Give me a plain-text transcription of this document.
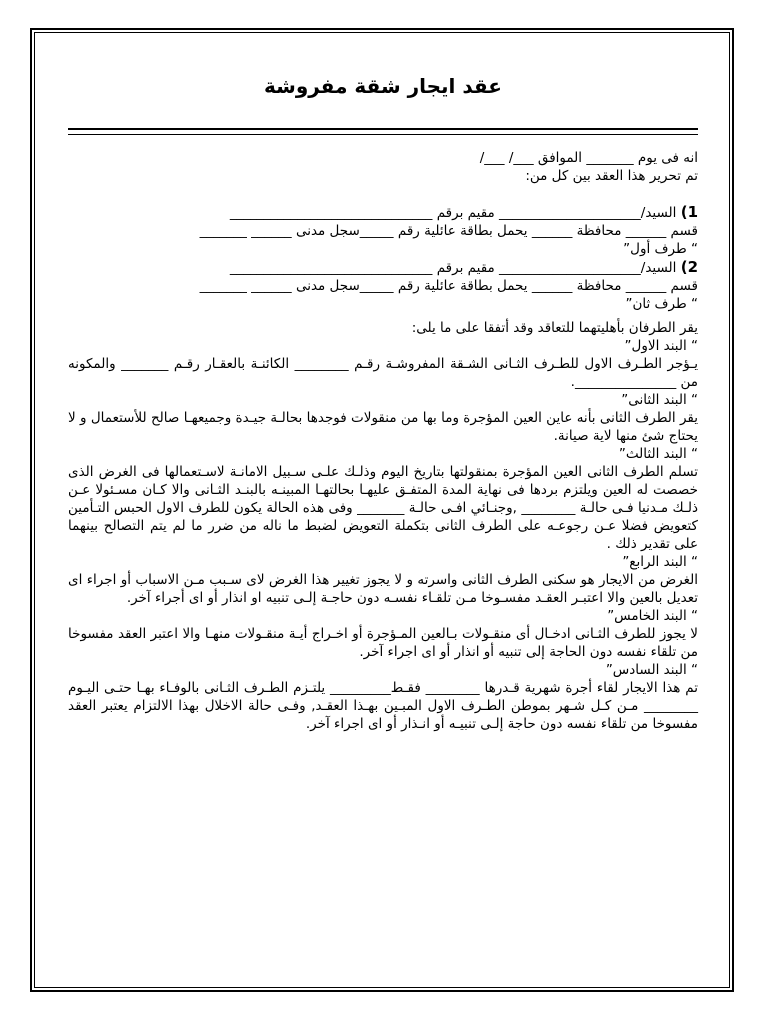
عقد ايجار شقة مفروشة
انه فى يوم _______ الموافق ___/ ___/
تم تحرير هذا العقد بين كل من:
1) السيد/_____________________ مقيم برقم ______________________________
قسم ______ محافظة ______ يحمل بطاقة عائلية رقم _____سجل مدنى ______ _______
“ طرف أول”
2) السيد/_____________________ مقيم برقم ______________________________
قسم ______ محافظة ______ يحمل بطاقة عائلية رقم _____سجل مدنى ______ _______
“ طرف ثان”
يقر الطرفان بأهليتهما للتعاقد وقد أتفقا على ما يلى:
“ البند الاول”
يـؤجر الطـرف الاول للطـرف الثـانى الشـقة المفروشـة رقـم ________ الكائنـة بالعقـار رقـم _______ والمكونه من _______________.
“ البند الثانى”
يقر الطرف الثانى بأنه عاين العين المؤجرة وما بها من منقولات فوجدها بحالـة جيـدة وجميعهـا صالح للأستعمال و لا يحتاج شئ منها لاية صيانة.
“ البند الثالث”
تسلم الطرف الثانى العين المؤجرة بمنقولتها بتاريخ اليوم وذلـك علـى سـبيل الامانـة لاسـتعمالها فى الغرض الذى خصصت له العين ويلتزم بردها فى نهاية المدة المتفـق عليهـا بحالتهـا المبينـه بالبنـد الثـانى والا كـان مسـئولا عـن ذلـك مـدنيا فـى حالـة ________ ,وجنـائي افـى حالـة _______ وفى هذه الحالة يكون للطرف الاول الحبس التـأمين كتعويض فضلا عـن رجوعـه على الطرف الثانى بتكملة التعويض لضبط ما ناله من ضرر ما لم يتم التصالح بينهما على تقدير ذلك .
“ البند الرابع”
الغرض من الايجار هو سكنى الطرف الثانى واسرته و لا يجوز تغيير هذا الغرض لاى سـبب مـن الاسباب أو اجراء اى تعديل بالعين والا اعتبـر العقـد مفسـوخا مـن تلقـاء نفسـه دون حاجـة إلـى تنبيه او انذار أو اى أجراء آخر.
“ البند الخامس”
لا يجوز للطرف الثـانى ادخـال أى منقـولات بـالعين المـؤجرة أو اخـراج أيـة منقـولات منهـا والا اعتبر العقد مفسوخا من تلقاء نفسه دون الحاجة إلى تنبيه أو انذار أو اى اجراء آخر.
“ البند السادس”
تم هذا الايجار لقاء أجرة شهرية قـدرها ________ فقـط_________ يلتـزم الطـرف الثـانى بالوفـاء بهـا حتـى اليـوم ________ مـن كـل شـهر بموطن الطـرف الاول المبـين بهـذا العقـد, وفـى حالة الاخلال بهذا الالتزام يعتبر العقد مفسوخا من تلقاء نفسه دون حاجة إلـى تنبيـه أو انـذار أو اى اجراء آخر.
